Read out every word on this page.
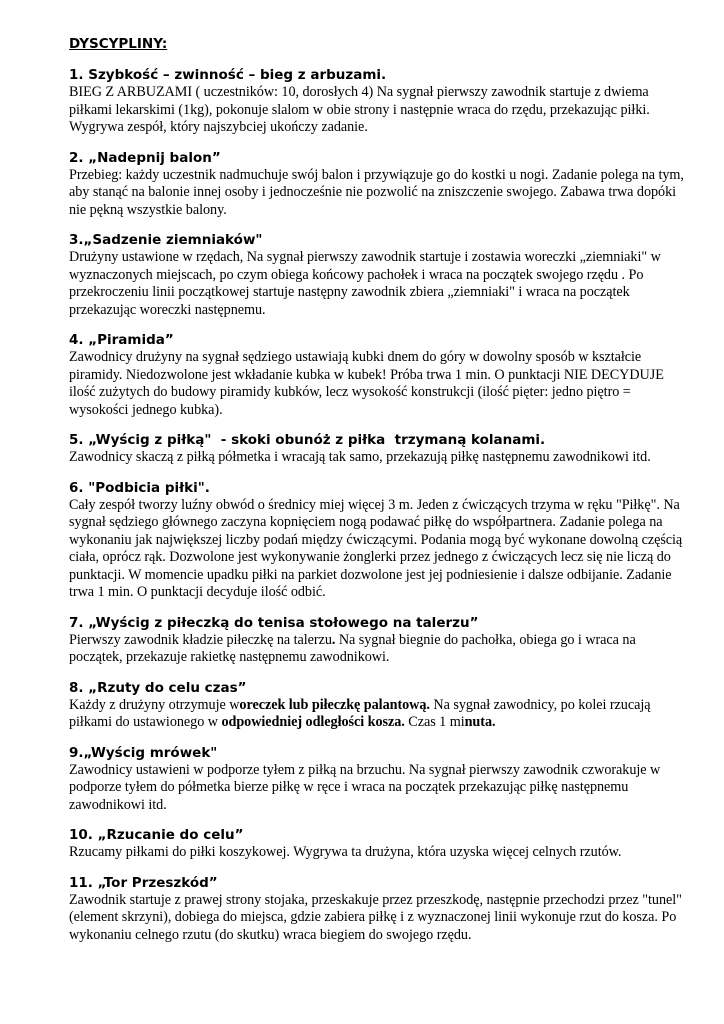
DYSCYPLINY:

1. Szybkość – zwinność – bieg z arbuzami.

BIEG Z ARBUZAMI ( uczestników: 10, dorosłych 4) Na sygnał pierwszy zawodnik startuje z dwiema piłkami lekarskimi (1kg), pokonuje slalom w obie strony i następnie wraca do rzędu, przekazując piłki. Wygrywa zespół, który najszybciej ukończy zadanie.

2. „Nadepnij balon”

Przebieg: każdy uczestnik nadmuchuje swój balon i przywiązuje go do kostki u nogi. Zadanie polega na tym, aby stanąć na balonie innej osoby i jednocześnie nie pozwolić na zniszczenie swojego. Zabawa trwa dopóki nie pękną wszystkie balony.

3.„Sadzenie ziemniaków"

Drużyny ustawione w rzędach, Na sygnał pierwszy zawodnik startuje i zostawia woreczki „ziemniaki" w wyznaczonych miejscach, po czym obiega końcowy pachołek i wraca na początek swojego rzędu . Po przekroczeniu linii początkowej startuje następny zawodnik zbiera „ziemniaki" i wraca na początek przekazując woreczki następnemu.

4. „Piramida”

Zawodnicy drużyny na sygnał sędziego ustawiają kubki dnem do góry w dowolny sposób w kształcie piramidy. Niedozwolone jest wkładanie kubka w kubek! Próba trwa 1 min. O punktacji NIE DECYDUJE ilość zużytych do budowy piramidy kubków, lecz wysokość konstrukcji (ilość pięter: jedno piętro = wysokości jednego kubka).

5. „Wyścig z piłką"  - skoki obunóż z piłka  trzymaną kolanami.

Zawodnicy skaczą z piłką półmetka i wracają tak samo, przekazują piłkę następnemu zawodnikowi itd.

6. "Podbicia piłki".

Cały zespół tworzy luźny obwód o średnicy miej więcej 3 m. Jeden z ćwiczących trzyma w ręku "Piłkę". Na sygnał sędziego głównego zaczyna kopnięciem nogą podawać piłkę do współpartnera. Zadanie polega na wykonaniu jak największej liczby podań między ćwiczącymi. Podania mogą być wykonane dowolną częścią ciała, oprócz rąk. Dozwolone jest wykonywanie żonglerki przez jednego z ćwiczących lecz się nie liczą do punktacji. W momencie upadku piłki na parkiet dozwolone jest jej podniesienie i dalsze odbijanie. Zadanie trwa 1 min. O punktacji decyduje ilość odbić.

7. „Wyścig z piłeczką do tenisa stołowego na talerzu”

Pierwszy zawodnik kładzie piłeczkę na talerzu. Na sygnał biegnie do pachołka, obiega go i wraca na początek, przekazuje rakietkę następnemu zawodnikowi.

8. „Rzuty do celu czas”

Każdy z drużyny otrzymuje woreczek lub piłeczkę palantową. Na sygnał zawodnicy, po kolei rzucają piłkami do ustawionego w odpowiedniej odległości kosza. Czas 1 minuta.

9.„Wyścig mrówek"

Zawodnicy ustawieni w podporze tyłem z piłką na brzuchu. Na sygnał pierwszy zawodnik czworakuje w podporze tyłem do półmetka bierze piłkę w ręce i wraca na początek przekazując piłkę następnemu zawodnikowi itd.

10. „Rzucanie do celu”

Rzucamy piłkami do piłki koszykowej. Wygrywa ta drużyna, która uzyska więcej celnych rzutów.

11. „Tor Przeszkód”

Zawodnik startuje z prawej strony stojaka, przeskakuje przez przeszkodę, następnie przechodzi przez "tunel" (element skrzyni), dobiega do miejsca, gdzie zabiera piłkę i z wyznaczonej linii wykonuje rzut do kosza. Po wykonaniu celnego rzutu (do skutku) wraca biegiem do swojego rzędu.
